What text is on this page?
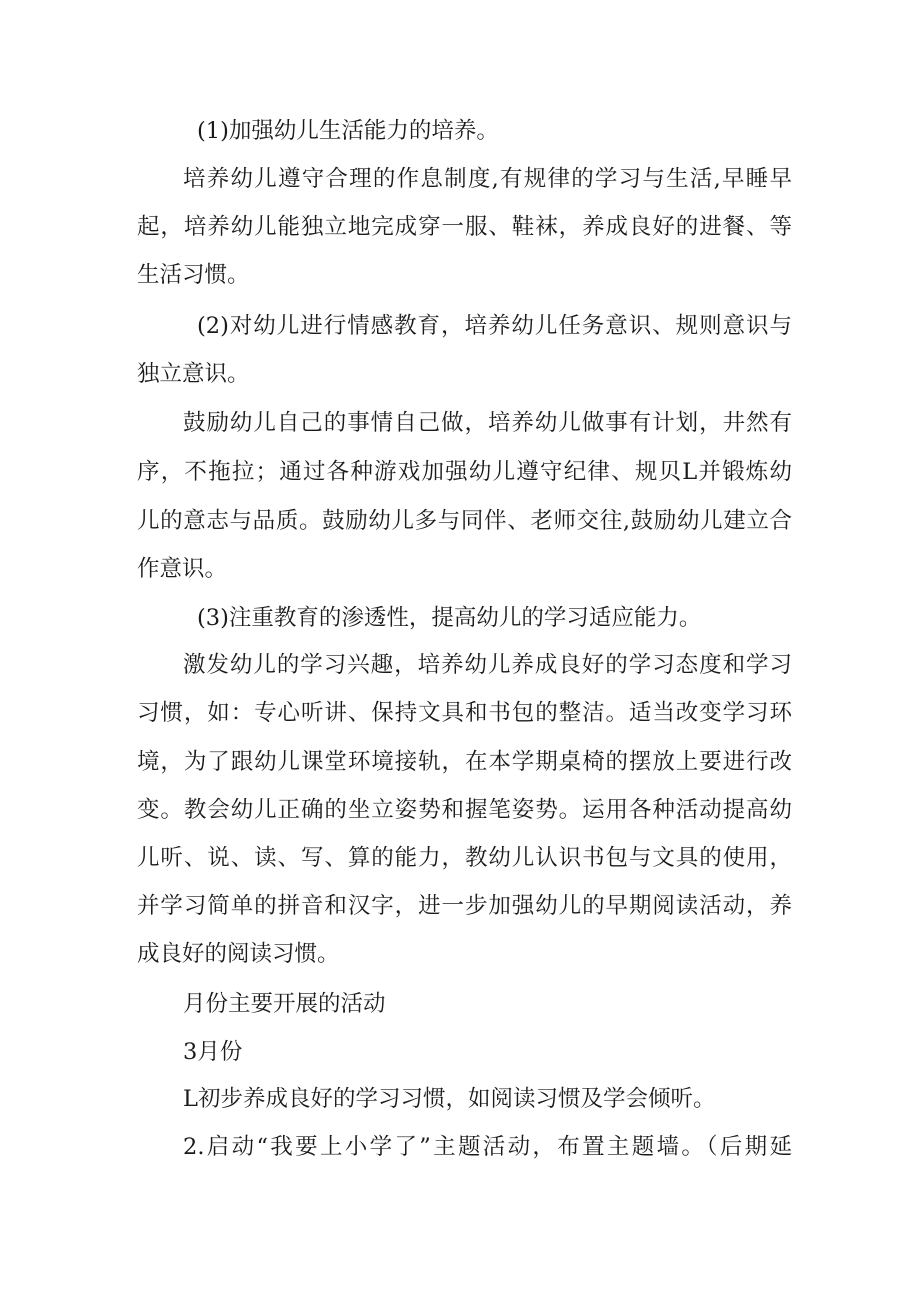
(1)加强幼儿生活能力的培养。
培养幼儿遵守合理的作息制度,有规律的学习与生活,早睡早
起，培养幼儿能独立地完成穿一服、鞋袜，养成良好的进餐、等
生活习惯。
(2)对幼儿进行情感教育，培养幼儿任务意识、规则意识与
独立意识。
鼓励幼儿自己的事情自己做，培养幼儿做事有计划，井然有
序，不拖拉；通过各种游戏加强幼儿遵守纪律、规贝L并锻炼幼
儿的意志与品质。鼓励幼儿多与同伴、老师交往,鼓励幼儿建立合
作意识。
(3)注重教育的渗透性，提高幼儿的学习适应能力。
激发幼儿的学习兴趣，培养幼儿养成良好的学习态度和学习
习惯，如：专心听讲、保持文具和书包的整洁。适当改变学习环
境，为了跟幼儿课堂环境接轨，在本学期桌椅的摆放上要进行改
变。教会幼儿正确的坐立姿势和握笔姿势。运用各种活动提高幼
儿听、说、读、写、算的能力，教幼儿认识书包与文具的使用，
并学习简单的拼音和汉字，进一步加强幼儿的早期阅读活动，养
成良好的阅读习惯。
月份主要开展的活动
3月份
L初步养成良好的学习习惯，如阅读习惯及学会倾听。
2.启动“我要上小学了”主题活动，布置主题墙。（后期延
